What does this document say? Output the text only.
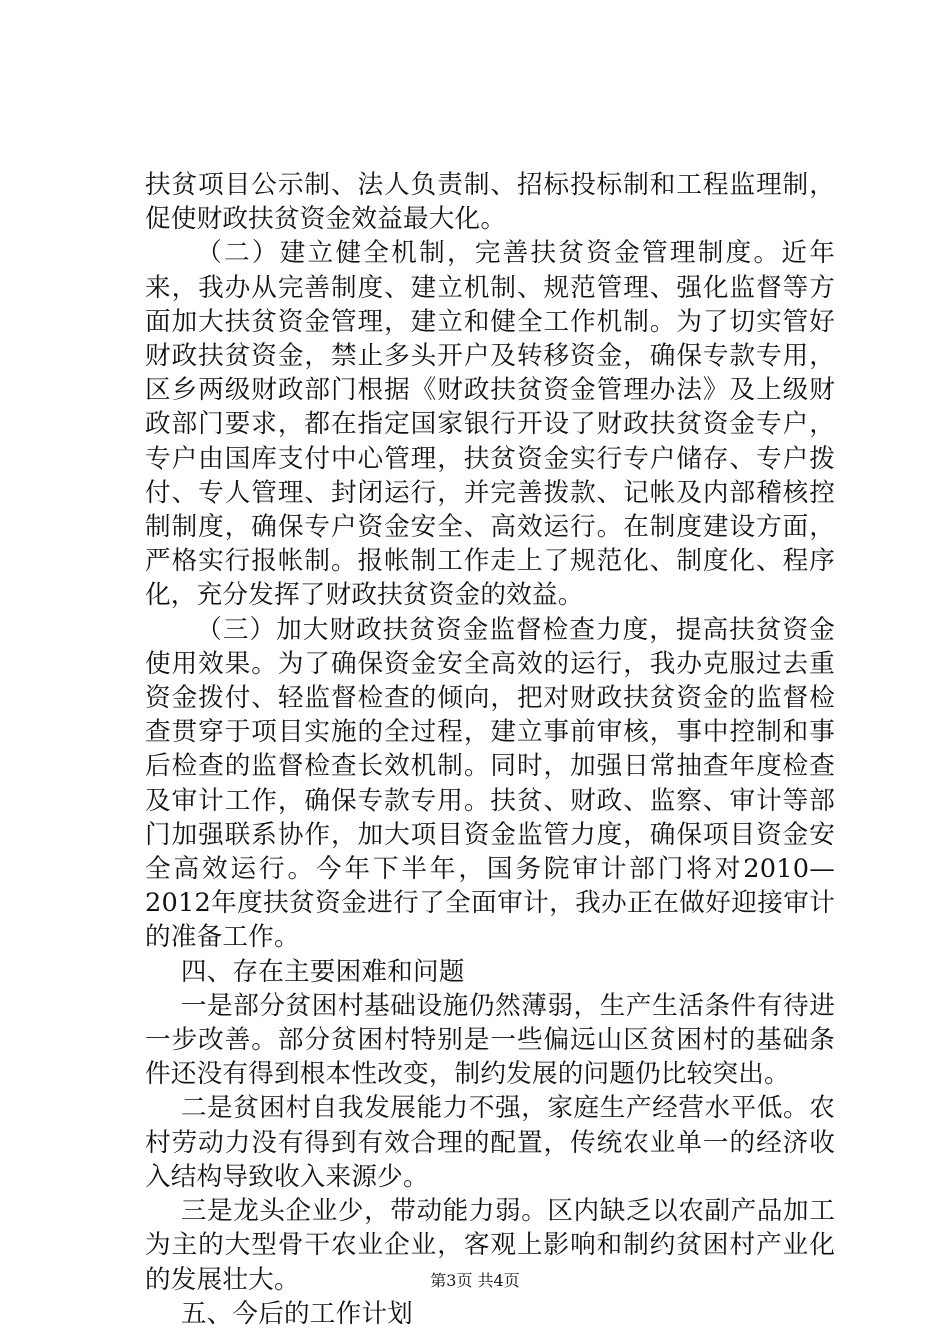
扶贫项目公示制、法人负责制、招标投标制和工程监理制，促使财政扶贫资金效益最大化。

（二）建立健全机制，完善扶贫资金管理制度。近年来，我办从完善制度、建立机制、规范管理、强化监督等方面加大扶贫资金管理，建立和健全工作机制。为了切实管好财政扶贫资金，禁止多头开户及转移资金，确保专款专用，区乡两级财政部门根据《财政扶贫资金管理办法》及上级财政部门要求，都在指定国家银行开设了财政扶贫资金专户，专户由国库支付中心管理，扶贫资金实行专户储存、专户拨付、专人管理、封闭运行，并完善拨款、记帐及内部稽核控制制度，确保专户资金安全、高效运行。在制度建设方面，严格实行报帐制。报帐制工作走上了规范化、制度化、程序化，充分发挥了财政扶贫资金的效益。

（三）加大财政扶贫资金监督检查力度，提高扶贫资金使用效果。为了确保资金安全高效的运行，我办克服过去重资金拨付、轻监督检查的倾向，把对财政扶贫资金的监督检查贯穿于项目实施的全过程，建立事前审核，事中控制和事后检查的监督检查长效机制。同时，加强日常抽查年度检查及审计工作，确保专款专用。扶贫、财政、监察、审计等部门加强联系协作，加大项目资金监管力度，确保项目资金安全高效运行。今年下半年，国务院审计部门将对2010—2012年度扶贫资金进行了全面审计，我办正在做好迎接审计的准备工作。

四、存在主要困难和问题

一是部分贫困村基础设施仍然薄弱，生产生活条件有待进一步改善。部分贫困村特别是一些偏远山区贫困村的基础条件还没有得到根本性改变，制约发展的问题仍比较突出。

二是贫困村自我发展能力不强，家庭生产经营水平低。农村劳动力没有得到有效合理的配置，传统农业单一的经济收入结构导致收入来源少。

三是龙头企业少，带动能力弱。区内缺乏以农副产品加工为主的大型骨干农业企业，客观上影响和制约贫困村产业化的发展壮大。

五、今后的工作计划

第3页 共4页
